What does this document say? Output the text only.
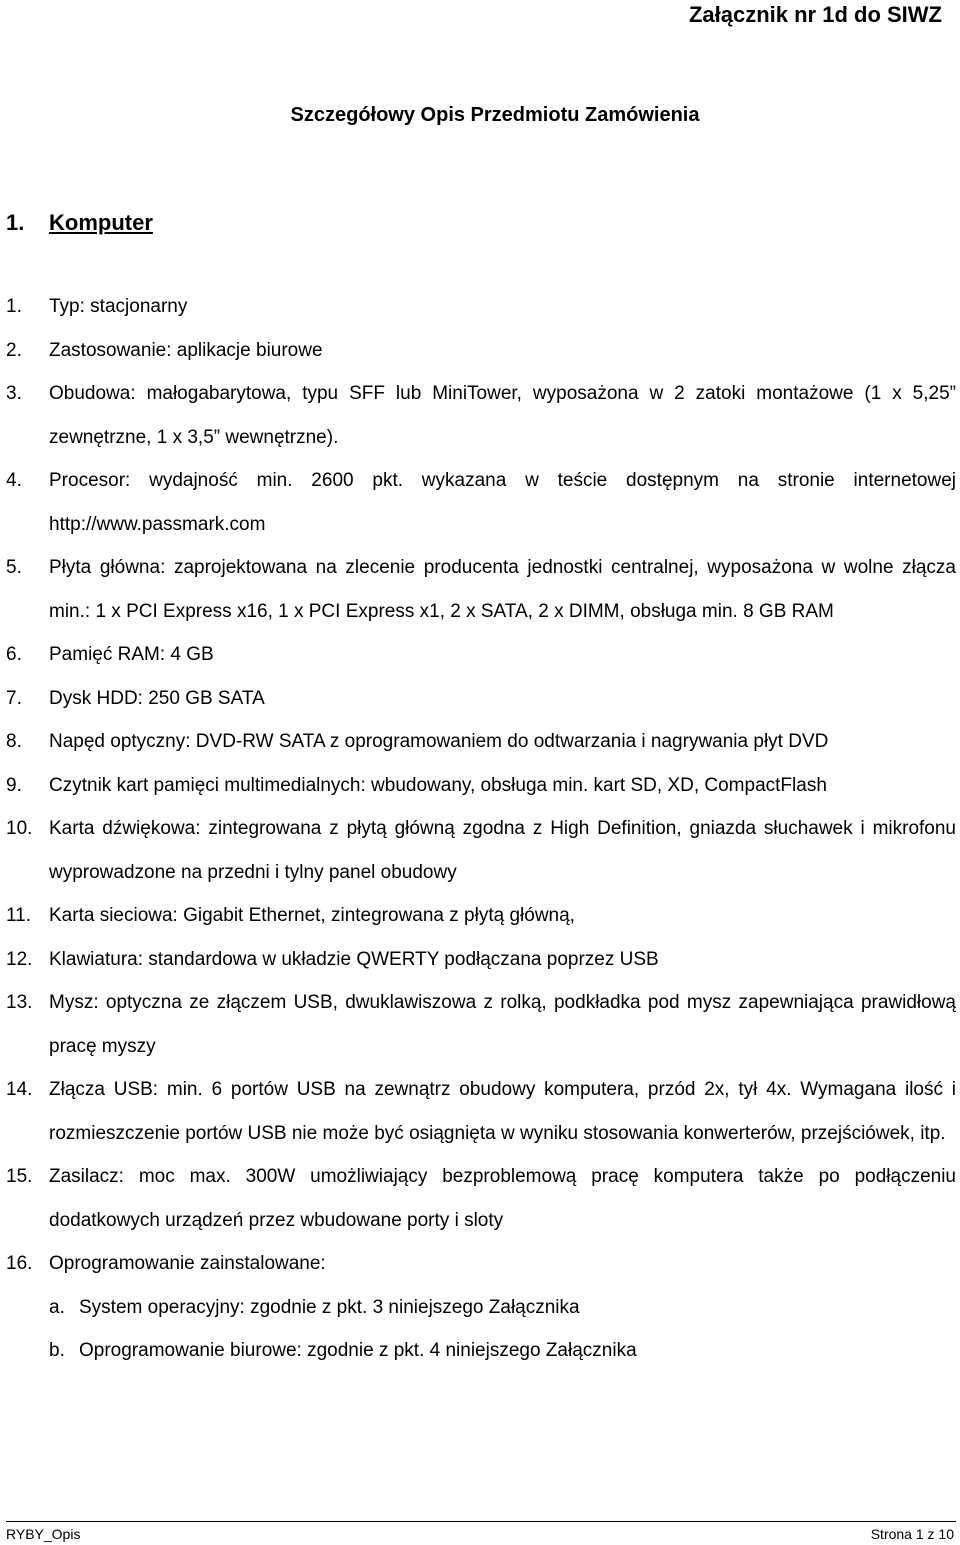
Załącznik nr 1d do SIWZ

Szczegółowy Opis Przedmiotu Zamówienia

1. Komputer

1.	Typ: stacjonarny
2.	Zastosowanie: aplikacje biurowe
3.	Obudowa: małogabarytowa, typu SFF lub MiniTower, wyposażona w 2 zatoki montażowe (1 x 5,25” zewnętrzne, 1 x 3,5” wewnętrzne).
4.	Procesor: wydajność min. 2600 pkt. wykazana w teście dostępnym na stronie internetowej http://www.passmark.com
5.	Płyta główna: zaprojektowana na zlecenie producenta jednostki centralnej, wyposażona w wolne złącza min.: 1 x PCI Express x16, 1 x PCI Express x1, 2 x SATA, 2 x DIMM, obsługa min. 8 GB RAM
6.	Pamięć RAM: 4 GB
7.	Dysk HDD: 250 GB SATA
8.	Napęd optyczny: DVD-RW SATA z oprogramowaniem do odtwarzania i nagrywania płyt DVD
9.	Czytnik kart pamięci multimedialnych: wbudowany, obsługa min. kart SD, XD, CompactFlash
10. Karta dźwiękowa: zintegrowana z płytą główną zgodna z High Definition, gniazda słuchawek i mikrofonu wyprowadzone na przedni i tylny panel obudowy
11. Karta sieciowa: Gigabit Ethernet, zintegrowana z płytą główną,
12. Klawiatura: standardowa w układzie QWERTY podłączana poprzez USB
13. Mysz: optyczna ze złączem USB, dwuklawiszowa z rolką, podkładka pod mysz zapewniająca prawidłową pracę myszy
14. Złącza USB: min. 6 portów USB na zewnątrz obudowy komputera, przód 2x, tył 4x. Wymagana ilość i rozmieszczenie portów USB nie może być osiągnięta w wyniku stosowania konwerterów, przejściówek, itp.
15. Zasilacz: moc max. 300W umożliwiający bezproblemową pracę komputera także po podłączeniu dodatkowych urządzeń przez wbudowane porty i sloty
16. Oprogramowanie zainstalowane:
a. System operacyjny: zgodnie z pkt. 3 niniejszego Załącznika
b. Oprogramowanie biurowe: zgodnie z pkt. 4 niniejszego Załącznika
RYBY_Opis	Strona 1 z 10
